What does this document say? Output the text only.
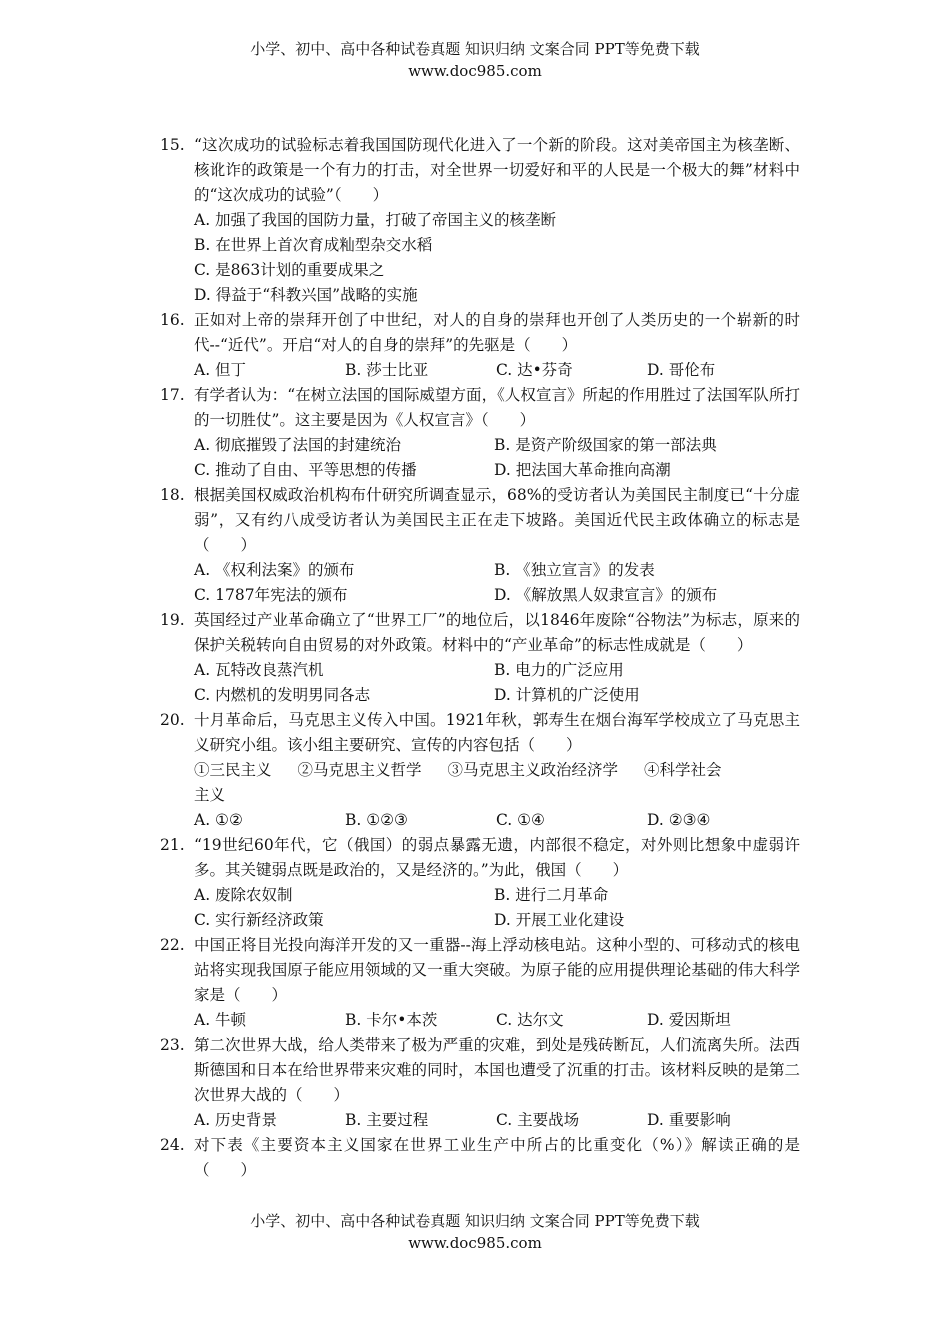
小学、初中、高中各种试卷真题 知识归纳 文案合同 PPT等免费下载
www.doc985.com
15. “这次成功的试验标志着我国国防现代化进入了一个新的阶段。这对美帝国主为核垄断、核讹诈的政策是一个有力的打击，对全世界一切爱好和平的人民是一个极大的舞”材料中的“这次成功的试验”（　　）
A. 加强了我国的国防力量，打破了帝国主义的核垄断
B. 在世界上首次育成籼型杂交水稻
C. 是863计划的重要成果之
D. 得益于“科教兴国”战略的实施
16. 正如对上帝的崇拜开创了中世纪，对人的自身的崇拜也开创了人类历史的一个崭新的时代--“近代”。开启“对人的自身的崇拜”的先驱是（　　）
A. 但丁	B. 莎士比亚	C. 达•芬奇	D. 哥伦布
17. 有学者认为：“在树立法国的国际威望方面，《人权宣言》所起的作用胜过了法国军队所打的一切胜仗”。这主要是因为《人权宣言》（　　）
A. 彻底摧毁了法国的封建统治	B. 是资产阶级国家的第一部法典
C. 推动了自由、平等思想的传播	D. 把法国大革命推向高潮
18. 根据美国权威政治机构布什研究所调查显示，68%的受访者认为美国民主制度已“十分虚弱”，又有约八成受访者认为美国民主正在走下坡路。美国近代民主政体确立的标志是（　　）
A. 《权利法案》的颁布	B. 《独立宣言》的发表
C. 1787年宪法的颁布	D. 《解放黑人奴隶宣言》的颁布
19. 英国经过产业革命确立了“世界工厂”的地位后，以1846年废除“谷物法”为标志，原来的保护关税转向自由贸易的对外政策。材料中的“产业革命”的标志性成就是（　　）
A. 瓦特改良蒸汽机	B. 电力的广泛应用
C. 内燃机的发明男同各志	D. 计算机的广泛使用
20. 十月革命后，马克思主义传入中国。1921年秋，郭寿生在烟台海军学校成立了马克思主义研究小组。该小组主要研究、宣传的内容包括（　　）
①三民主义 ②马克思主义哲学 ③马克思主义政治经济学 ④科学社会
主义
A. ①②	B. ①②③	C. ①④	D. ②③④
21. “19世纪60年代，它（俄国）的弱点暴露无遗，内部很不稳定，对外则比想象中虚弱许多。其关键弱点既是政治的，又是经济的。”为此，俄国（　　）
A. 废除农奴制	B. 进行二月革命
C. 实行新经济政策	D. 开展工业化建设
22. 中国正将目光投向海洋开发的又一重器--海上浮动核电站。这种小型的、可移动式的核电站将实现我国原子能应用领域的又一重大突破。为原子能的应用提供理论基础的伟大科学家是（　　）
A. 牛顿	B. 卡尔•本茨	C. 达尔文	D. 爱因斯坦
23. 第二次世界大战，给人类带来了极为严重的灾难，到处是残砖断瓦，人们流离失所。法西斯德国和日本在给世界带来灾难的同时，本国也遭受了沉重的打击。该材料反映的是第二次世界大战的（　　）
A. 历史背景	B. 主要过程	C. 主要战场	D. 重要影响
24. 对下表《主要资本主义国家在世界工业生产中所占的比重变化（%）》解读正确的是（　　）
小学、初中、高中各种试卷真题 知识归纳 文案合同 PPT等免费下载
www.doc985.com
